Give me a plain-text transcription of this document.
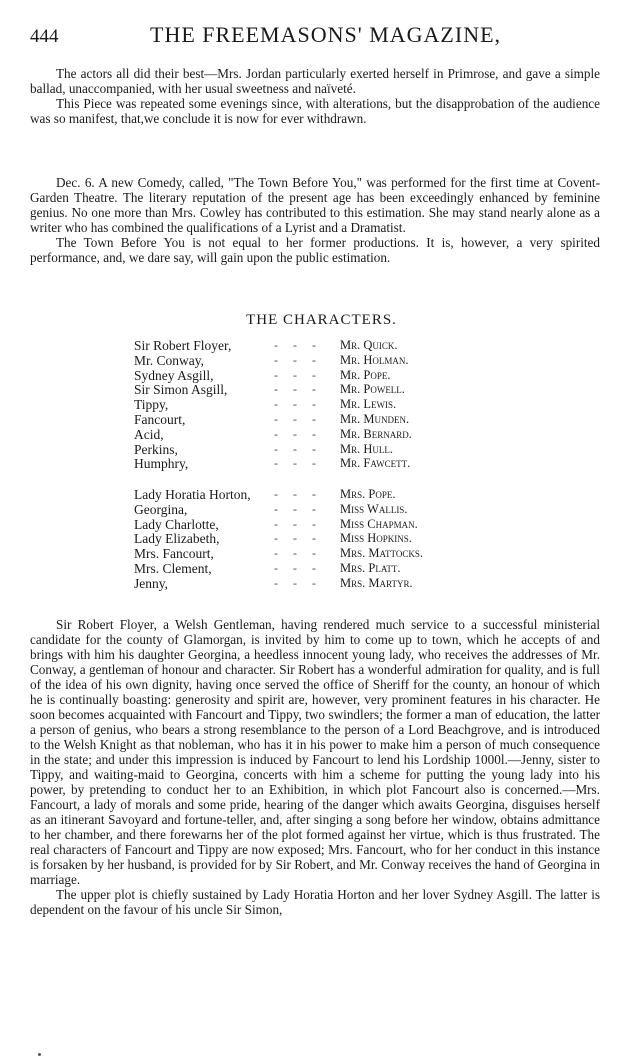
444	THE FREEMASONS' MAGAZINE,

The actors all did their best—Mrs. Jordan particularly exerted herself in Primrose, and gave a simple ballad, unaccompanied, with her usual sweetness and naïveté.

This Piece was repeated some evenings since, with alterations, but the disapprobation of the audience was so manifest, that,we conclude it is now for ever withdrawn.

Dec. 6. A new Comedy, called, "The Town Before You," was performed for the first time at Covent-Garden Theatre. The literary reputation of the present age has been exceedingly enhanced by feminine genius. No one more than Mrs. Cowley has contributed to this estimation. She may stand nearly alone as a writer who has combined the qualifications of a Lyrist and a Dramatist.

The Town Before You is not equal to her former productions. It is, however, a very spirited performance, and, we dare say, will gain upon the public estimation.

THE CHARACTERS.
Sir Robert Floyer,	- - - Mr. Quick.
Mr. Conway,	- - - Mr. Holman.
Sydney Asgill,	- - - Mr. Pope.
Sir Simon Asgill,	- - - Mr. Powell.
Tippy,	- - - Mr. Lewis.
Fancourt,	- - - Mr. Munden.
Acid,	- - - Mr. Bernard.
Perkins,	- - - Mr. Hull.
Humphry,	- - - Mr. Fawcett.
Lady Horatia Horton, - - - Mrs. Pope.
Georgina,	- - - Miss Wallis.
Lady Charlotte,	- - - Miss Chapman.
Lady Elizabeth,	- - - Miss Hopkins.
Mrs. Fancourt,	- - - Mrs. Mattocks.
Mrs. Clement,	- - - Mrs. Platt.
Jenny,	- - - Mrs. Martyr.

Sir Robert Floyer, a Welsh Gentleman, having rendered much service to a successful ministerial candidate for the county of Glamorgan, is invited by him to come up to town, which he accepts of and brings with him his daughter Georgina, a heedless innocent young lady, who receives the addresses of Mr. Conway, a gentleman of honour and character. Sir Robert has a wonderful admiration for quality, and is full of the idea of his own dignity, having once served the office of Sheriff for the county, an honour of which he is continually boasting: generosity and spirit are, however, very prominent features in his character. He soon becomes acquainted with Fancourt and Tippy, two swindlers; the former a man of education, the latter a person of genius, who bears a strong resemblance to the person of a Lord Beachgrove, and is introduced to the Welsh Knight as that nobleman, who has it in his power to make him a person of much consequence in the state; and under this impression is induced by Fancourt to lend his Lordship 1000l.—Jenny, sister to Tippy, and waiting-maid to Georgina, concerts with him a scheme for putting the young lady into his power, by pretending to conduct her to an Exhibition, in which plot Fancourt also is concerned.—Mrs. Fancourt, a lady of morals and some pride, hearing of the danger which awaits Georgina, disguises herself as an itinerant Savoyard and fortune-teller, and, after singing a song before her window, obtains admittance to her chamber, and there forewarns her of the plot formed against her virtue, which is thus frustrated. The real characters of Fancourt and Tippy are now exposed; Mrs. Fancourt, who for her conduct in this instance is forsaken by her husband, is provided for by Sir Robert, and Mr. Conway receives the hand of Georgina in marriage.

The upper plot is chiefly sustained by Lady Horatia Horton and her lover Sydney Asgill. The latter is dependent on the favour of his uncle Sir Simon,
